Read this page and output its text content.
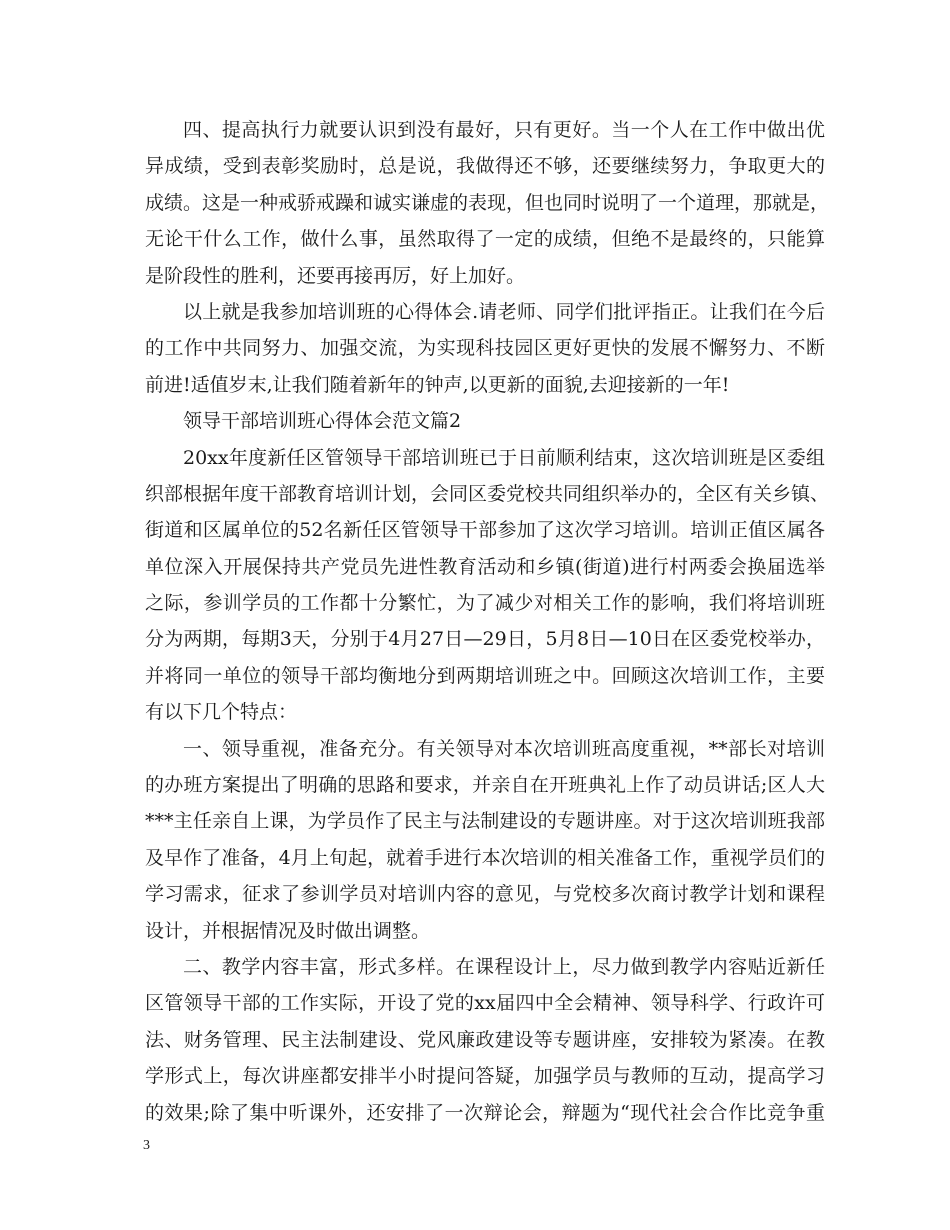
四、提高执行力就要认识到没有最好，只有更好。当一个人在工作中做出优
异成绩，受到表彰奖励时，总是说，我做得还不够，还要继续努力，争取更大的
成绩。这是一种戒骄戒躁和诚实谦虚的表现，但也同时说明了一个道理，那就是，
无论干什么工作，做什么事，虽然取得了一定的成绩，但绝不是最终的，只能算
是阶段性的胜利，还要再接再厉，好上加好。
以上就是我参加培训班的心得体会.请老师、同学们批评指正。让我们在今后
的工作中共同努力、加强交流，为实现科技园区更好更快的发展不懈努力、不断
前进!适值岁末,让我们随着新年的钟声,以更新的面貌,去迎接新的一年!
领导干部培训班心得体会范文篇2
20xx年度新任区管领导干部培训班已于日前顺利结束，这次培训班是区委组
织部根据年度干部教育培训计划，会同区委党校共同组织举办的，全区有关乡镇、
街道和区属单位的52名新任区管领导干部参加了这次学习培训。培训正值区属各
单位深入开展保持共产党员先进性教育活动和乡镇(街道)进行村两委会换届选举
之际，参训学员的工作都十分繁忙，为了减少对相关工作的影响，我们将培训班
分为两期，每期3天，分别于4月27日—29日，5月8日—10日在区委党校举办，
并将同一单位的领导干部均衡地分到两期培训班之中。回顾这次培训工作，主要
有以下几个特点：
一、领导重视，准备充分。有关领导对本次培训班高度重视，**部长对培训
的办班方案提出了明确的思路和要求，并亲自在开班典礼上作了动员讲话;区人大
***主任亲自上课，为学员作了民主与法制建设的专题讲座。对于这次培训班我部
及早作了准备，4月上旬起，就着手进行本次培训的相关准备工作，重视学员们的
学习需求，征求了参训学员对培训内容的意见，与党校多次商讨教学计划和课程
设计，并根据情况及时做出调整。
二、教学内容丰富，形式多样。在课程设计上，尽力做到教学内容贴近新任
区管领导干部的工作实际，开设了党的xx届四中全会精神、领导科学、行政许可
法、财务管理、民主法制建设、党风廉政建设等专题讲座，安排较为紧凑。在教
学形式上，每次讲座都安排半小时提问答疑，加强学员与教师的互动，提高学习
的效果;除了集中听课外，还安排了一次辩论会，辩题为“现代社会合作比竞争重
3
